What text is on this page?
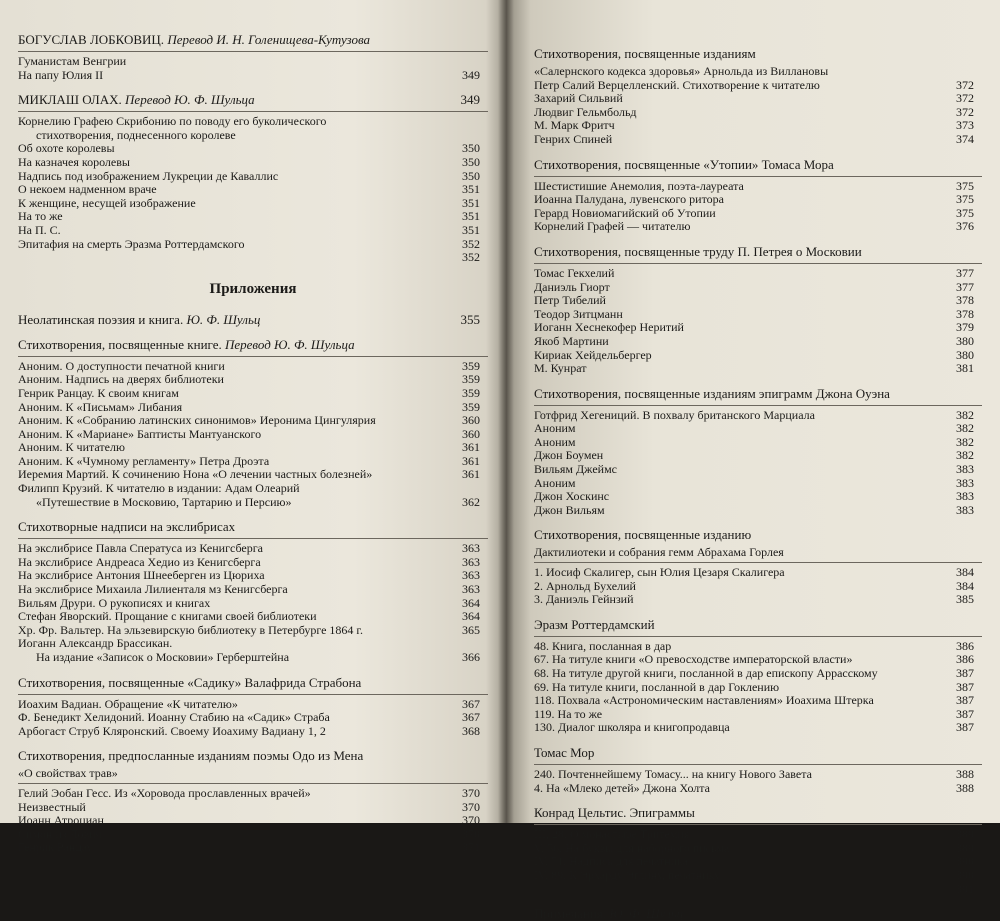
БОГУСЛАВ ЛОБКОВИЦ. Перевод И. Н. Голенищева-Кутузова
Гуманистам Венгрии
На папу Юлия II	349
МИКЛАШ ОЛАХ. Перевод Ю. Ф. Шульца	349
Корнелию Графею Скрибонию по поводу его буколического
стихотворения, поднесенного королеве
Об охоте королевы	350
На казначея королевы	350
Надпись под изображением Лукреции де Каваллис	350
О некоем надменном враче	351
К женщине, несущей изображение	351
На то же	351
На П. С.	351
Эпитафия на смерть Эразма Роттердамского	352
352
Приложения
Неолатинская поэзия и книга. Ю. Ф. Шульц	355
Стихотворения, посвященные книге. Перевод Ю. Ф. Шульца
Аноним. О доступности печатной книги	359
Аноним. Надпись на дверях библиотеки	359
Генрик Ранцау. К своим книгам	359
Аноним. К «Письмам» Либания	359
Аноним. К «Собранию латинских синонимов» Иеронима Цингулярия	360
Аноним. К «Мариане» Баптисты Мантуанского	360
Аноним. К читателю	361
Аноним. К «Чумному регламенту» Петра Дроэта	361
Иеремия Мартий. К сочинению Нона «О лечении частных болезней»	361
Филипп Крузий. К читателю в издании: Адам Олеарий
«Путешествие в Московию, Тартарию и Персию»	362
Стихотворные надписи на экслибрисах
На экслибрисе Павла Сператуса из Кенигсберга	363
На экслибрисе Андреаса Хедио из Кенигсберга	363
На экслибрисе Антония Шнееберген из Цюриха	363
На экслибрисе Михаила Лилиенталя мз Кенигсберга	363
Вильям Друри. О рукописях и книгах	364
Стефан Яворский. Прощание с книгами своей библиотеки	364
Хр. Фр. Вальтер. На эльзевирскую библиотеку в Петербурге 1864 г.	365
Иоганн Александр Брассикан.
На издание «Записок о Московии» Герберштейна	366
Стихотворения, посвященные «Садику» Валафрида Страбона
Иоахим Вадиан. Обращение «К читателю»	367
Ф. Бенедикт Хелидоний. Иоанну Стабию на «Садик» Страба	367
Арбогаст Струб Кляронский. Своему Иоахиму Вадиану 1, 2	368
Стихотворения, предпосланные изданиям поэмы Одо из Мена
«О свойствах трав»
Гелий Эобан Гесс. Из «Хоровода прославленных врачей»	370
Неизвестный	370
Иоанн Атроциан	370
Симон из Лович	370
Генрик Ранцау	371
Стихотворения, посвященные изданиям
«Салернского кодекса здоровья» Арнольда из Виллановы
Петр Салий Верцелленский. Стихотворение к читателю	372
Захарий Сильвий	372
Людвиг Гельмбольд	372
М. Марк Фритч	373
Генрих Спиней	374
Стихотворения, посвященные «Утопии» Томаса Мора
Шестистишие Анемолия, поэта-лауреата	375
Иоанна Палудана, лувенского ритора	375
Герард Новиомагийский об Утопии	375
Корнелий Графей — читателю	376
Стихотворения, посвященные труду П. Петрея о Московии
Томас Гекхелий	377
Даниэль Гиорт	377
Петр Тибелий	378
Теодор Зитцманн	378
Иоганн Хеснекофер Неритий	379
Якоб Мартини	380
Кириак Хейдельбергер	380
М. Кунрат	381
Стихотворения, посвященные изданиям эпиграмм Джона Оуэна
Готфрид Хегениций. В похвалу британского Марциала	382
Аноним	382
Аноним	382
Джон Боумен	382
Вильям Джеймс	383
Аноним	383
Джон Хоскинс	383
Джон Вильям	383
Стихотворения, посвященные изданию
Дактилиотеки и собрания гемм Абрахама Горлея
1. Иосиф Скалигер, сын Юлия Цезаря Скалигера	384
2. Арнольд Бухелий	384
3. Даниэль Гейнзий	385
Эразм Роттердамский
48. Книга, посланная в дар	386
67. На титуле книги «О превосходстве императорской власти»	386
68. На титуле другой книги, посланной в дар епископу Аррасскому	387
69. На титуле книги, посланной в дар Гоклению	387
118. Похвала «Астрономическим наставлениям» Иоахима Штерка	387
119. На то же	387
130. Диалог школяра и книгопродавца	387
Томас Мор
240. Почтеннейшему Томасу... на книгу Нового Завета	388
4. На «Млеко детей» Джона Холта	388
Конрад Цельтис. Эпиграммы
III, 28. О монастыре Тритемия	389
V, 56. На буквы для наборного письма	389
IV, 71. Надпись для печатника	390
IV, 89. К Эрхарду Эглину, печатнику	390
391
Примечания. Ю. Ф. Шульц
